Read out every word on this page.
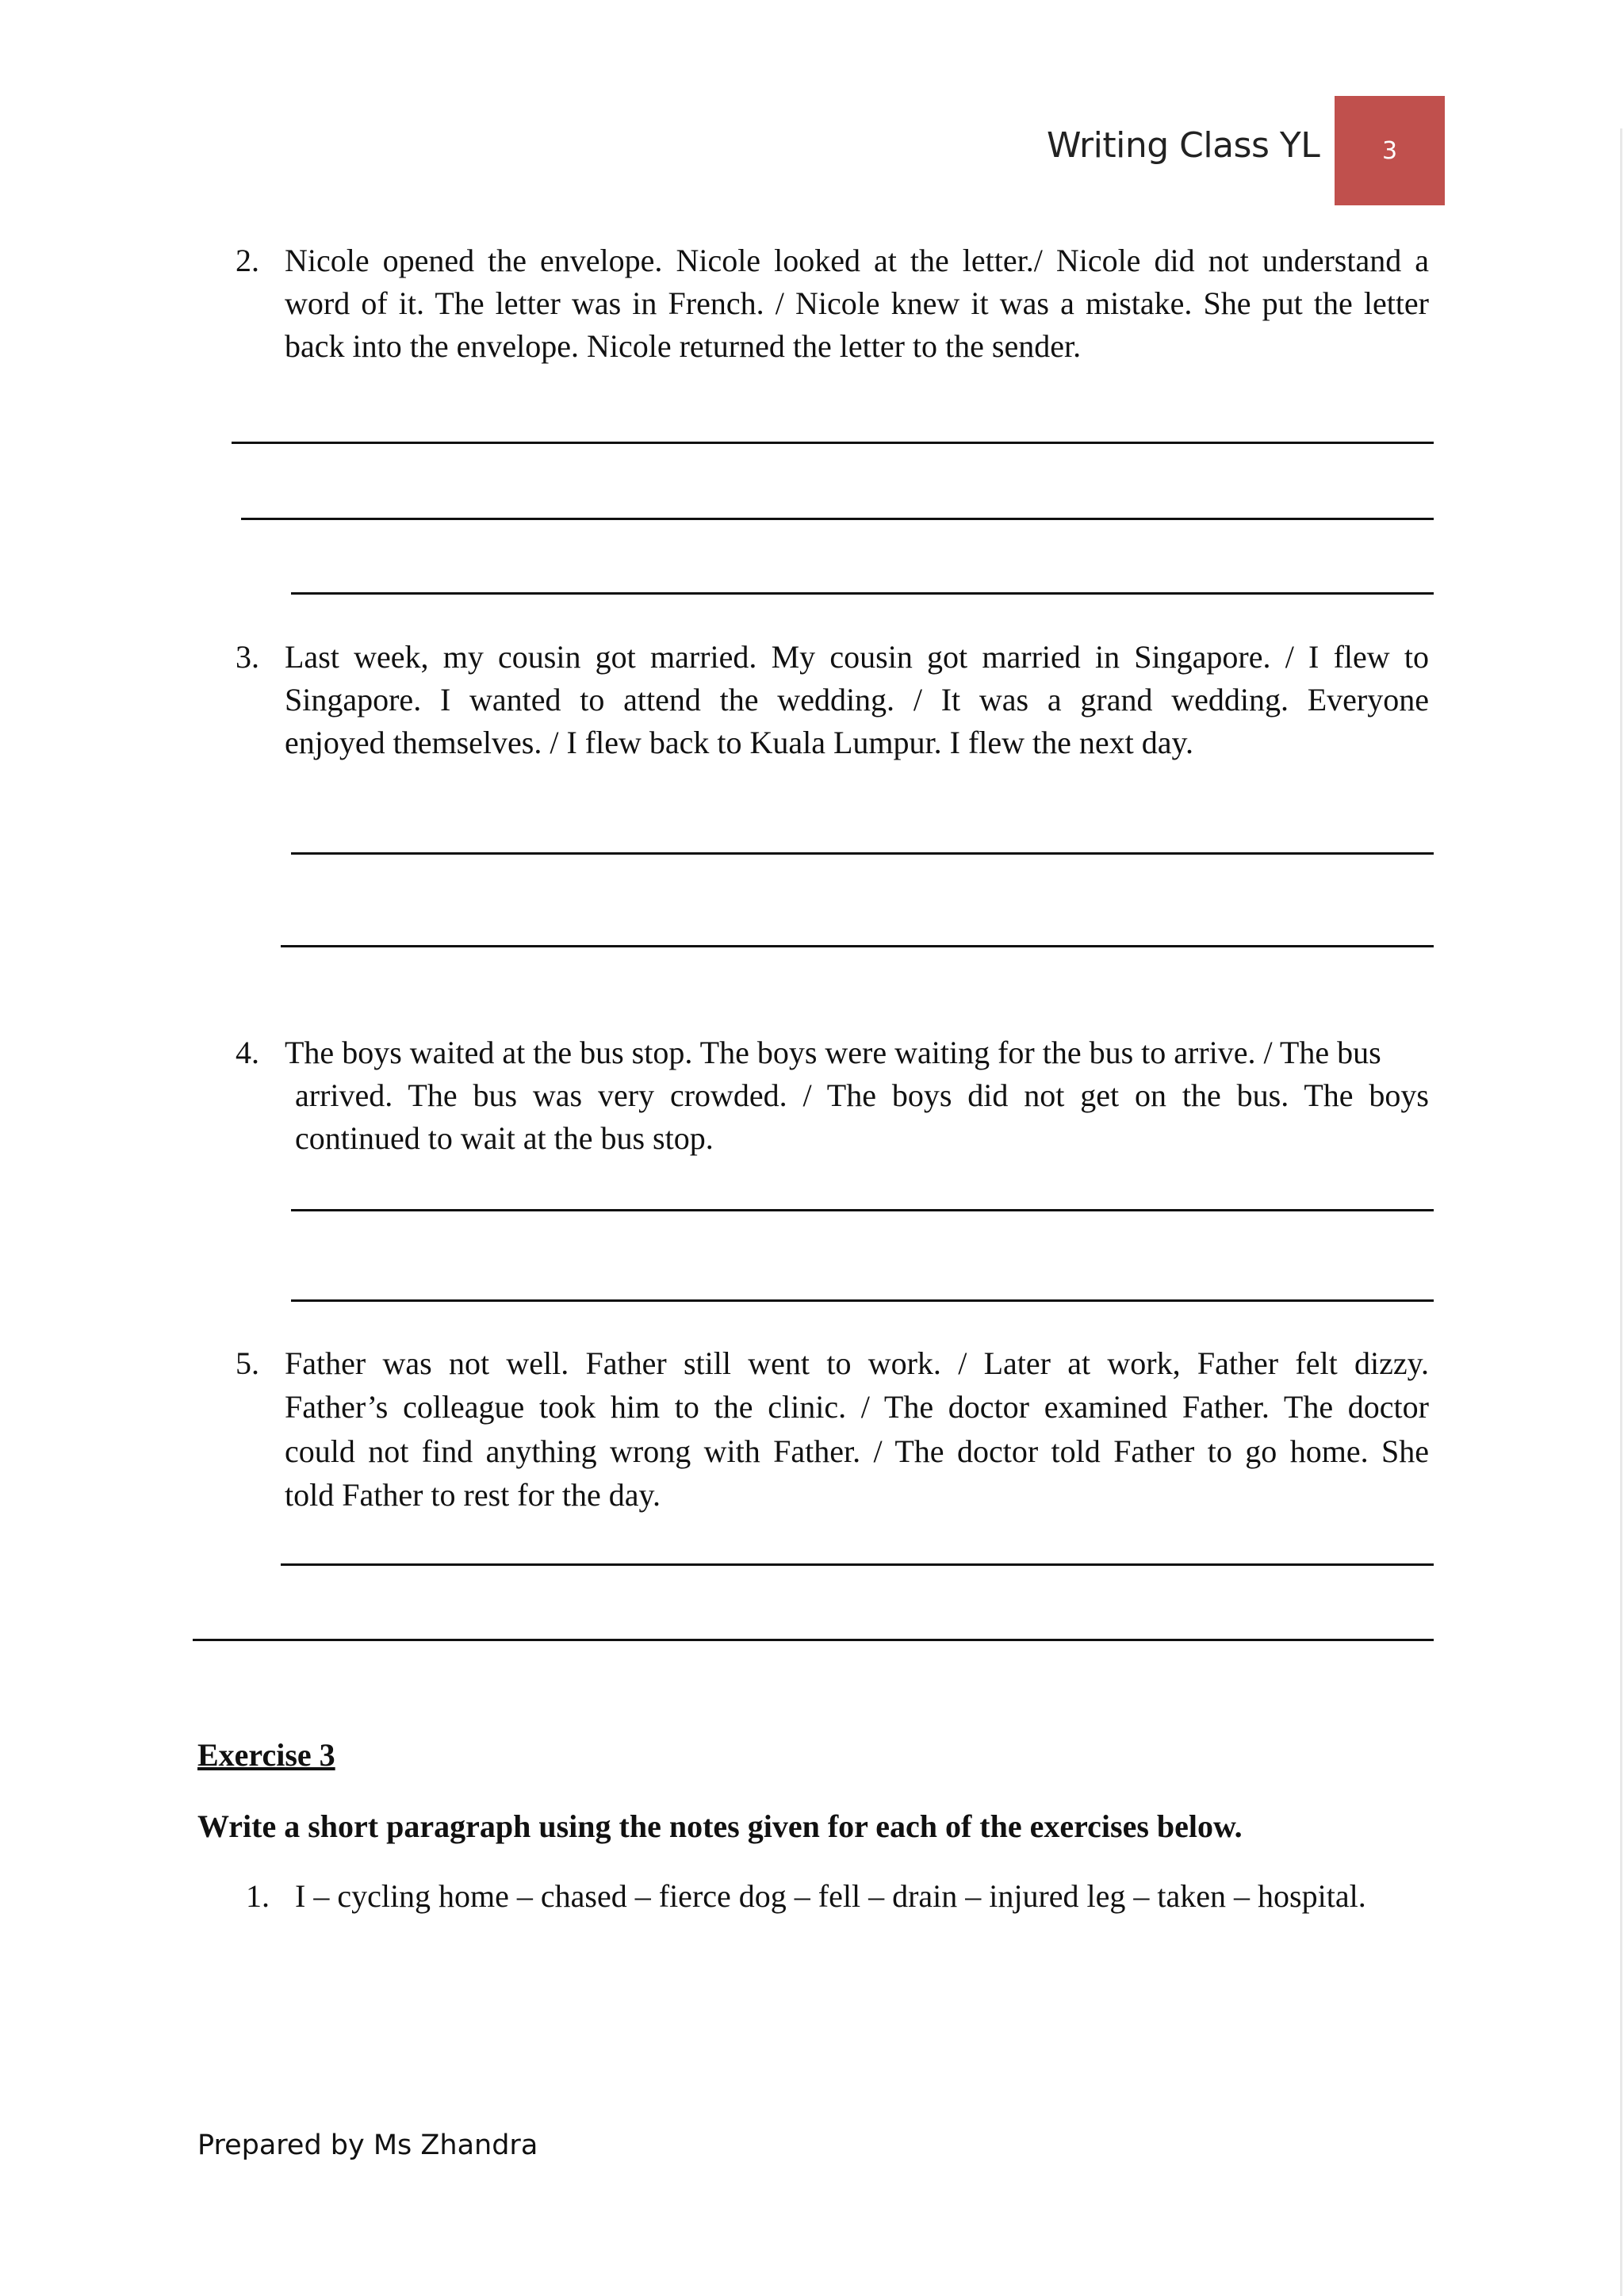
Writing Class YL	3
2. Nicole opened the envelope. Nicole looked at the letter./ Nicole did not understand a
word of it. The letter was in French. / Nicole knew it was a mistake. She put the letter
back into the envelope. Nicole returned the letter to the sender.
3. Last week, my cousin got married. My cousin got married in Singapore. / I flew to
Singapore. I wanted to attend the wedding. / It was a grand wedding. Everyone
enjoyed themselves. / I flew back to Kuala Lumpur. I flew the next day.
4. The boys waited at the bus stop. The boys were waiting for the bus to arrive. / The bus
arrived. The bus was very crowded. / The boys did not get on the bus. The boys
continued to wait at the bus stop.
5. Father was not well. Father still went to work. / Later at work, Father felt dizzy.
Father’s colleague took him to the clinic. / The doctor examined Father. The doctor
could not find anything wrong with Father. / The doctor told Father to go home. She
told Father to rest for the day.
Exercise 3
Write a short paragraph using the notes given for each of the exercises below.
1. I – cycling home – chased – fierce dog – fell – drain – injured leg – taken – hospital.
Prepared by Ms Zhandra
